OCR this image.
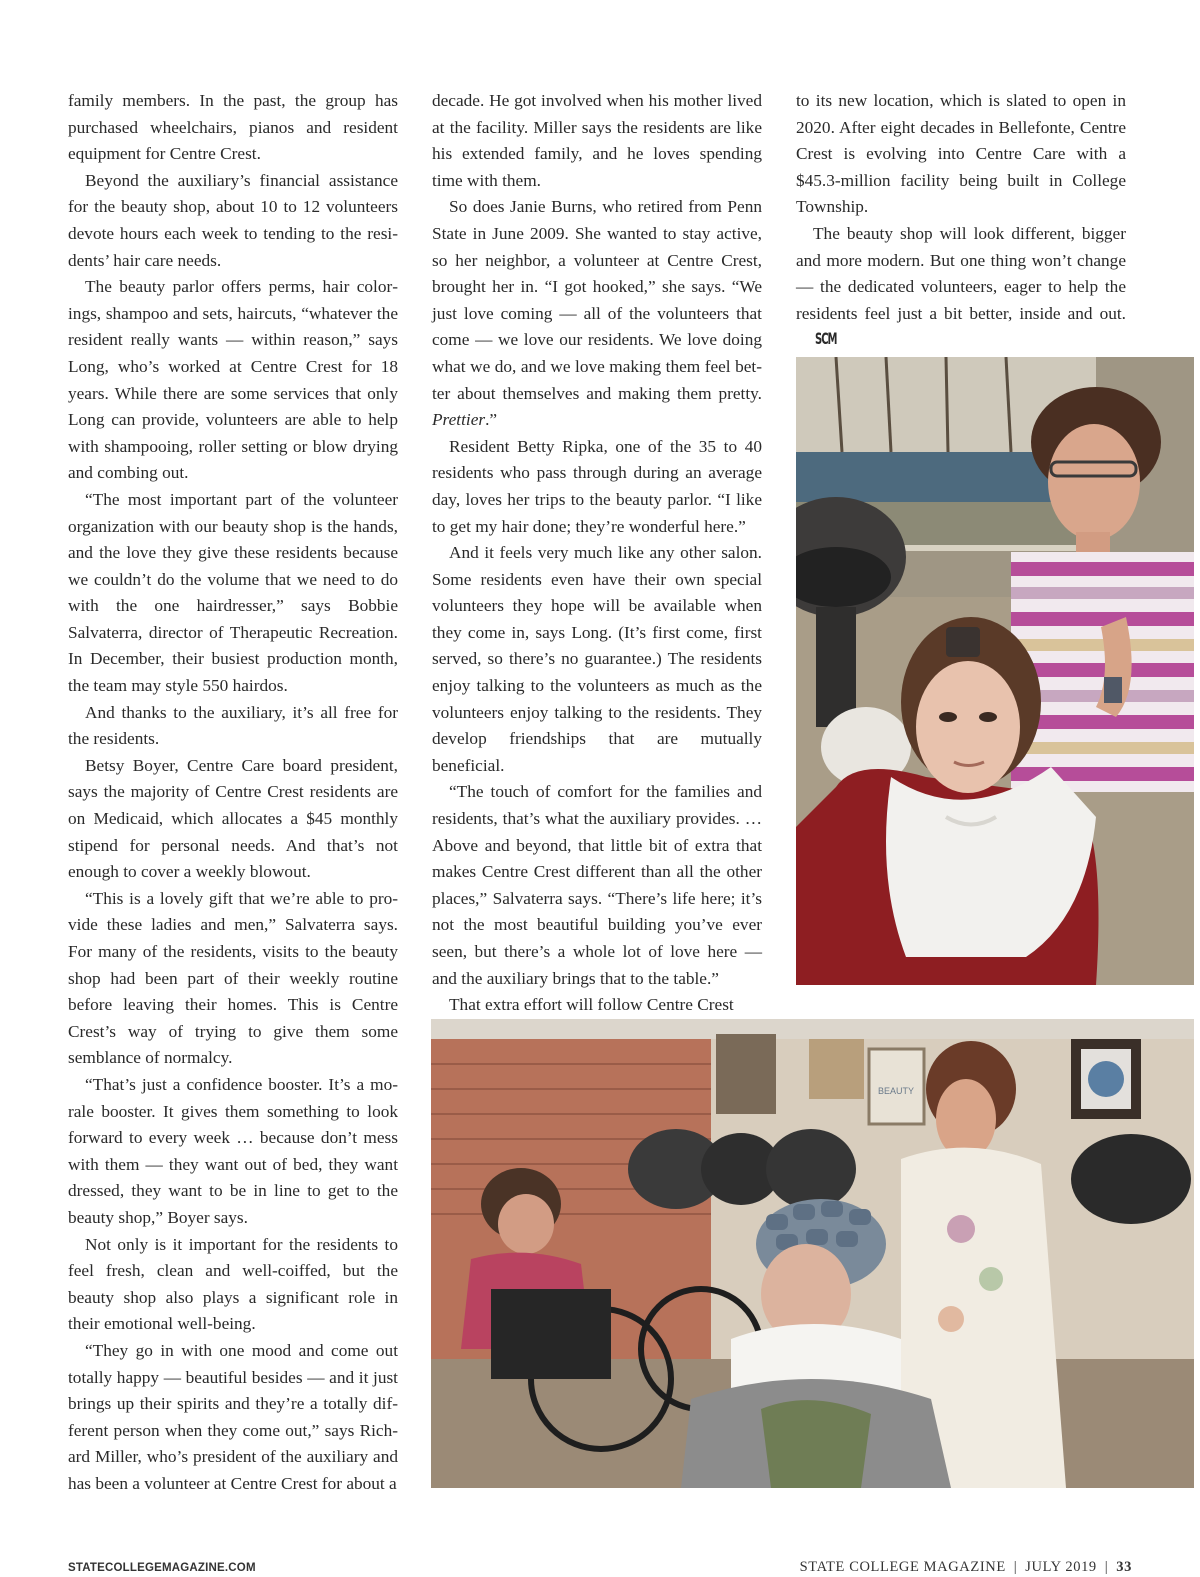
family members. In the past, the group has purchased wheelchairs, pianos and resident equipment for Centre Crest.

Beyond the auxiliary’s financial assistance for the beauty shop, about 10 to 12 volunteers devote hours each week to tending to the residents’ hair care needs.

The beauty parlor offers perms, hair colorings, shampoo and sets, haircuts, “whatever the resident really wants — within reason,” says Long, who’s worked at Centre Crest for 18 years. While there are some services that only Long can provide, volunteers are able to help with shampooing, roller setting or blow drying and combing out.

“The most important part of the volunteer organization with our beauty shop is the hands, and the love they give these residents because we couldn’t do the volume that we need to do with the one hairdresser,” says Bobbie Salvaterra, director of Therapeutic Recreation. In December, their busiest production month, the team may style 550 hairdos.

And thanks to the auxiliary, it’s all free for the residents.

Betsy Boyer, Centre Care board president, says the majority of Centre Crest residents are on Medicaid, which allocates a $45 monthly stipend for personal needs. And that’s not enough to cover a weekly blowout.

“This is a lovely gift that we’re able to provide these ladies and men,” Salvaterra says. For many of the residents, visits to the beauty shop had been part of their weekly routine before leaving their homes. This is Centre Crest’s way of trying to give them some semblance of normalcy.

“That’s just a confidence booster. It’s a morale booster. It gives them something to look forward to every week … because don’t mess with them — they want out of bed, they want dressed, they want to be in line to get to the beauty shop,” Boyer says.

Not only is it important for the residents to feel fresh, clean and well-coiffed, but the beauty shop also plays a significant role in their emotional well-being.

“They go in with one mood and come out totally happy — beautiful besides — and it just brings up their spirits and they’re a totally different person when they come out,” says Richard Miller, who’s president of the auxiliary and has been a volunteer at Centre Crest for about a

decade. He got involved when his mother lived at the facility. Miller says the residents are like his extended family, and he loves spending time with them.

So does Janie Burns, who retired from Penn State in June 2009. She wanted to stay active, so her neighbor, a volunteer at Centre Crest, brought her in. “I got hooked,” she says. “We just love coming — all of the volunteers that come — we love our residents. We love doing what we do, and we love making them feel better about themselves and making them pretty. Prettier.”

Resident Betty Ripka, one of the 35 to 40 residents who pass through during an average day, loves her trips to the beauty parlor. “I like to get my hair done; they’re wonderful here.”

And it feels very much like any other salon. Some residents even have their own special volunteers they hope will be available when they come in, says Long. (It’s first come, first served, so there’s no guarantee.) The residents enjoy talking to the volunteers as much as the volunteers enjoy talking to the residents. They develop friendships that are mutually beneficial.

“The touch of comfort for the families and residents, that’s what the auxiliary provides. … Above and beyond, that little bit of extra that makes Centre Crest different than all the other places,” Salvaterra says. “There’s life here; it’s not the most beautiful building you’ve ever seen, but there’s a whole lot of love here — and the auxiliary brings that to the table.”

That extra effort will follow Centre Crest

to its new location, which is slated to open in 2020. After eight decades in Bellefonte, Centre Crest is evolving into Centre Care with a $45.3-million facility being built in College Township.

The beauty shop will look different, bigger and more modern. But one thing won’t change — the dedicated volunteers, eager to help the residents feel just a bit better, inside and out.SCM

BEAUTY
STATECOLLEGEMAGAZINE.COM	STATE COLLEGE MAGAZINE | JULY 2019 | 33
